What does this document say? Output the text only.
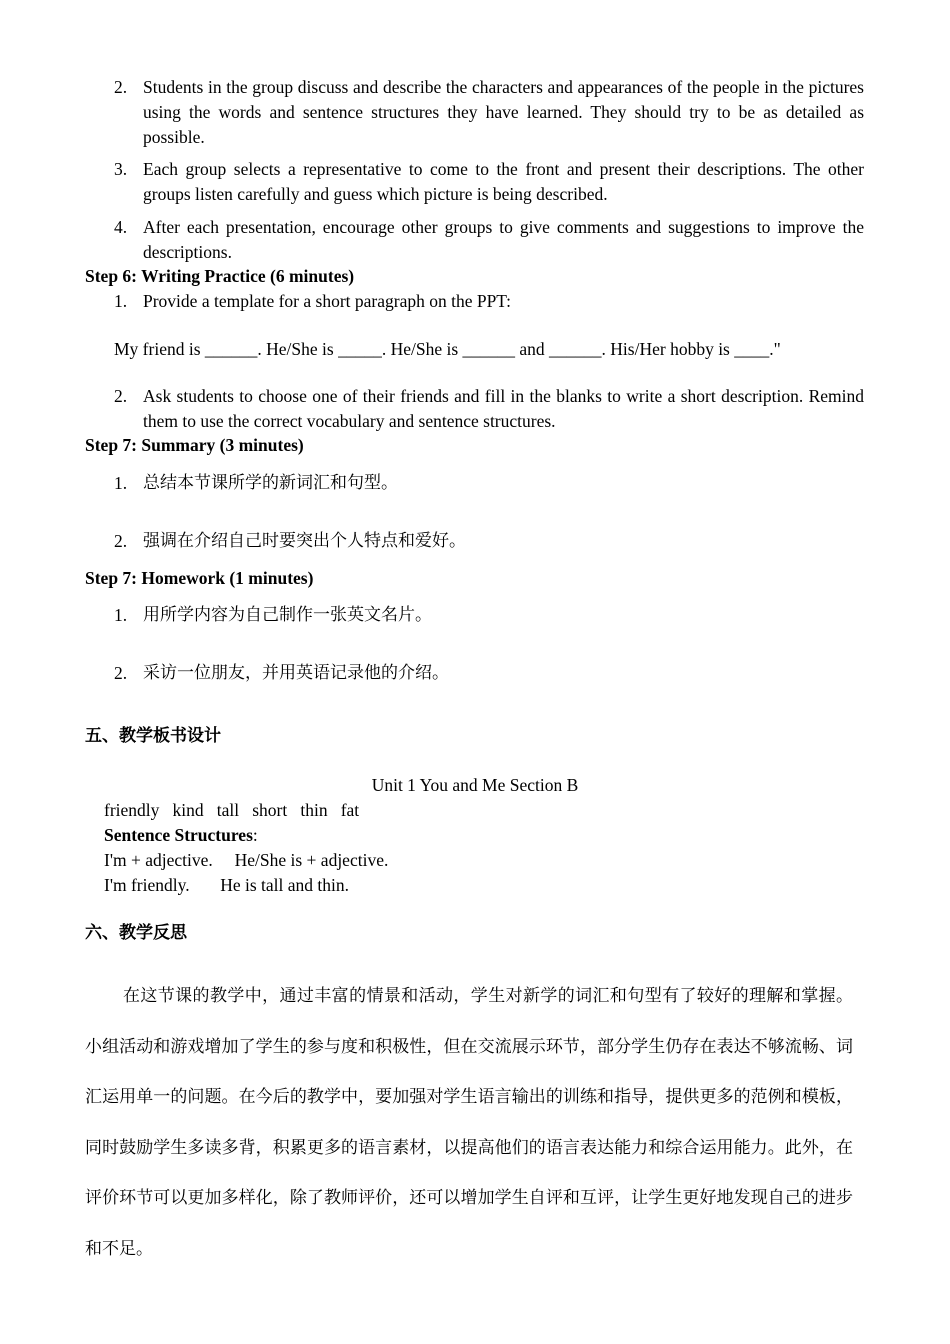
2. Students in the group discuss and describe the characters and appearances of the people in the pictures using the words and sentence structures they have learned. They should try to be as detailed as possible.
3. Each group selects a representative to come to the front and present their descriptions. The other groups listen carefully and guess which picture is being described.
4. After each presentation, encourage other groups to give comments and suggestions to improve the descriptions.
Step 6: Writing Practice (6 minutes)
1. Provide a template for a short paragraph on the PPT:
My friend is ______. He/She is _____. He/She is ______ and ______. His/Her hobby is ____."
2. Ask students to choose one of their friends and fill in the blanks to write a short description. Remind them to use the correct vocabulary and sentence structures.
Step 7: Summary (3 minutes)
1. 总结本节课所学的新词汇和句型。
2. 强调在介绍自己时要突出个人特点和爱好。
Step 7: Homework (1 minutes)
1. 用所学内容为自己制作一张英文名片。
2. 采访一位朋友，并用英语记录他的介绍。
五、教学板书设计
Unit 1 You and Me Section B
friendly   kind   tall   short   thin   fat
Sentence Structures:
I'm + adjective.     He/She is + adjective.
I'm friendly.       He is tall and thin.
六、教学反思
在这节课的教学中，通过丰富的情景和活动，学生对新学的词汇和句型有了较好的理解和掌握。小组活动和游戏增加了学生的参与度和积极性，但在交流展示环节，部分学生仍存在表达不够流畅、词汇运用单一的问题。在今后的教学中，要加强对学生语言输出的训练和指导，提供更多的范例和模板，同时鼓励学生多读多背，积累更多的语言素材，以提高他们的语言表达能力和综合运用能力。此外，在评价环节可以更加多样化，除了教师评价，还可以增加学生自评和互评，让学生更好地发现自己的进步和不足。
